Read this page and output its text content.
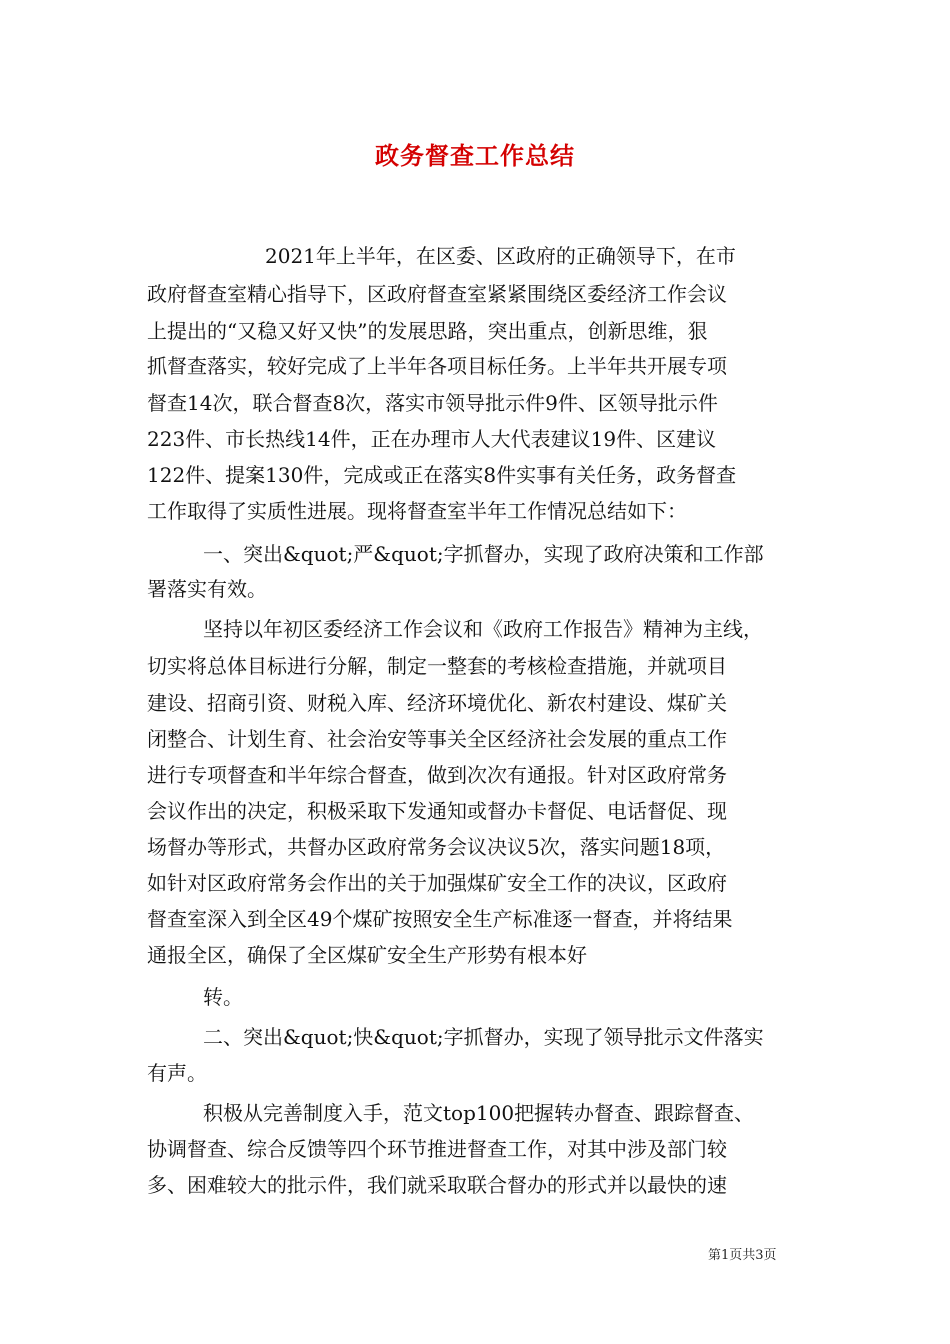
政务督查工作总结
2021年上半年，在区委、区政府的正确领导下，在市
政府督查室精心指导下，区政府督查室紧紧围绕区委经济工作会议
上提出的“又稳又好又快”的发展思路，突出重点，创新思维，狠
抓督查落实，较好完成了上半年各项目标任务。上半年共开展专项
督查14次，联合督查8次，落实市领导批示件9件、区领导批示件
223件、市长热线14件，正在办理市人大代表建议19件、区建议
122件、提案130件，完成或正在落实8件实事有关任务，政务督查
工作取得了实质性进展。现将督查室半年工作情况总结如下：
一、突出&quot;严&quot;字抓督办，实现了政府决策和工作部
署落实有效。
坚持以年初区委经济工作会议和《政府工作报告》精神为主线，
切实将总体目标进行分解，制定一整套的考核检查措施，并就项目
建设、招商引资、财税入库、经济环境优化、新农村建设、煤矿关
闭整合、计划生育、社会治安等事关全区经济社会发展的重点工作
进行专项督查和半年综合督查，做到次次有通报。针对区政府常务
会议作出的决定，积极采取下发通知或督办卡督促、电话督促、现
场督办等形式，共督办区政府常务会议决议5次，落实问题18项，
如针对区政府常务会作出的关于加强煤矿安全工作的决议，区政府
督查室深入到全区49个煤矿按照安全生产标准逐一督查，并将结果
通报全区，确保了全区煤矿安全生产形势有根本好
转。
二、突出&quot;快&quot;字抓督办，实现了领导批示文件落实
有声。
积极从完善制度入手，范文top100把握转办督查、跟踪督查、
协调督查、综合反馈等四个环节推进督查工作，对其中涉及部门较
多、困难较大的批示件，我们就采取联合督办的形式并以最快的速
第1页共3页
